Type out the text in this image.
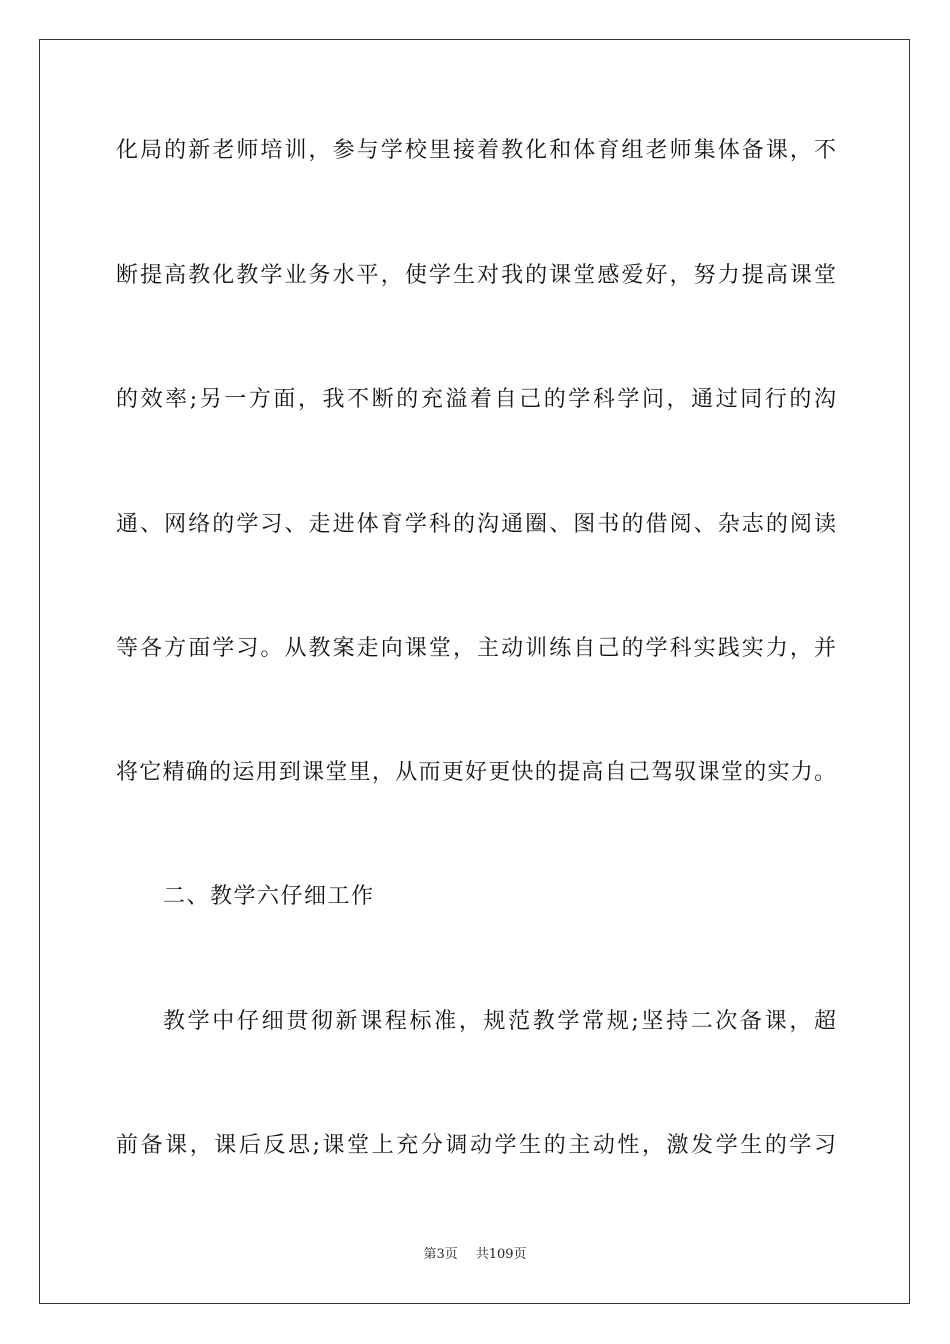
化局的新老师培训，参与学校里接着教化和体育组老师集体备课，不
断提高教化教学业务水平，使学生对我的课堂感爱好，努力提高课堂
的效率;另一方面，我不断的充溢着自己的学科学问，通过同行的沟
通、网络的学习、走进体育学科的沟通圈、图书的借阅、杂志的阅读
等各方面学习。从教案走向课堂，主动训练自己的学科实践实力，并
将它精确的运用到课堂里，从而更好更快的提高自己驾驭课堂的实力。
二、教学六仔细工作
教学中仔细贯彻新课程标准，规范教学常规;坚持二次备课，超
前备课，课后反思;课堂上充分调动学生的主动性，激发学生的学习
第3页 共109页
